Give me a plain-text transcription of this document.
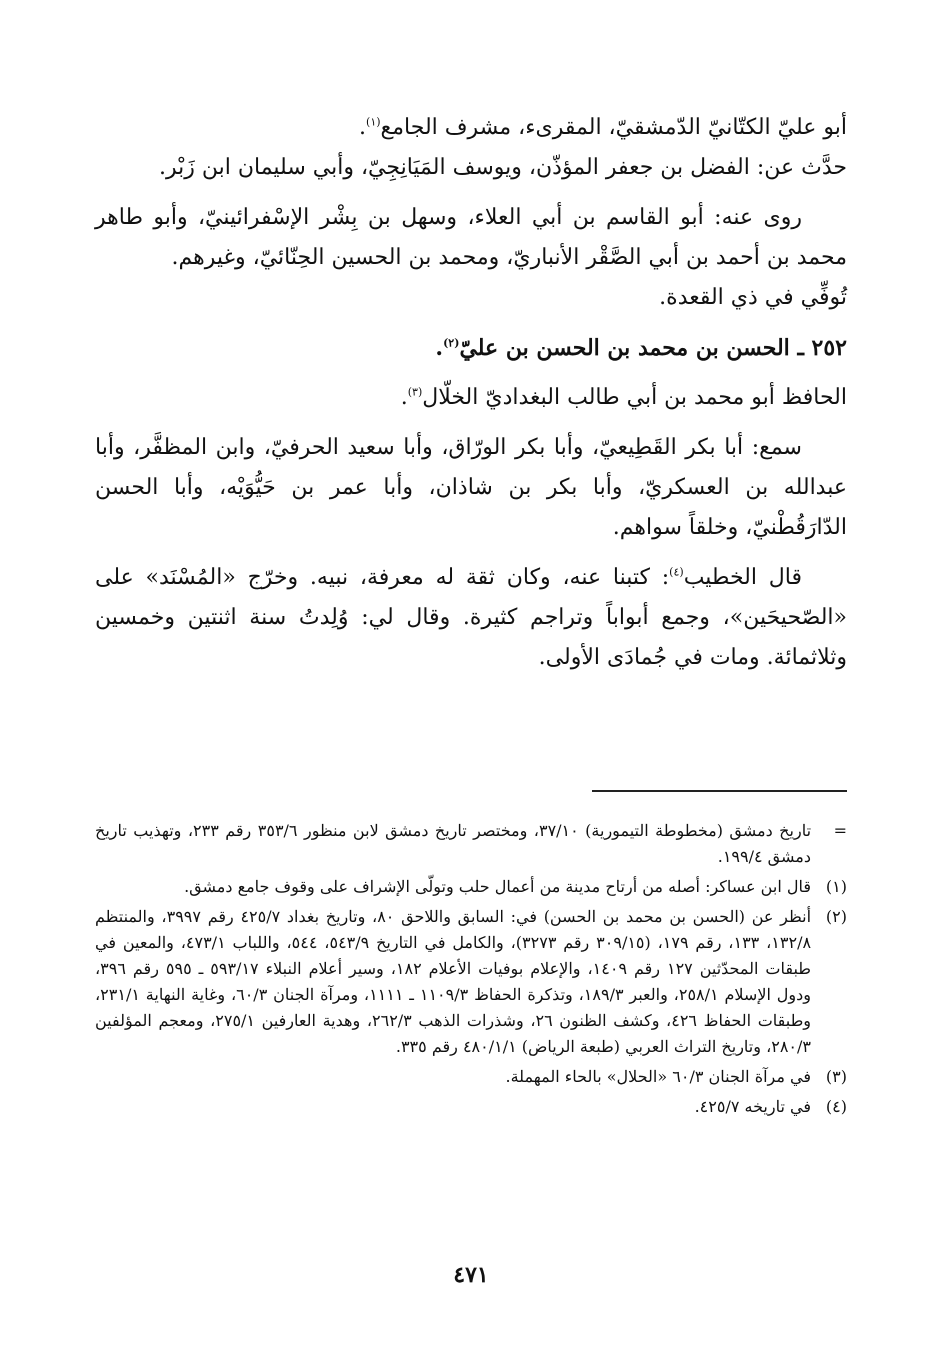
أبو عليّ الكتّانيّ الدّمشقيّ، المقرىء، مشرف الجامع$^{(١)}$.

حدَّث عن: الفضل بن جعفر المؤذّن، ويوسف المَيَانِجِيّ، وأبي سليمان ابن زَبْر.

روى عنه: أبو القاسم بن أبي العلاء، وسهل بن بِشْر الإسْفرائينيّ، وأبو طاهر محمد بن أحمد بن أبي الصَّقْر الأنباريّ، ومحمد بن الحسين الحِنّائيّ، وغيرهم.

تُوفِّي في ذي القعدة.

٢٥٢ ـ الحسن بن محمد بن الحسن بن عليّ$^{(٢)}$.

الحافظ أبو محمد بن أبي طالب البغداديّ الخلّال$^{(٣)}$.

سمع: أبا بكر القَطِيعيّ، وأبا بكر الورّاق، وأبا سعيد الحرفيّ، وابن المظفَّر، وأبا عبدالله بن العسكريّ، وأبا بكر بن شاذان، وأبا عمر بن حَيُّوَيْه، وأبا الحسن الدّارَقُطْنيّ، وخلقاً سواهم.

قال الخطيب$^{(٤)}$: كتبنا عنه، وكان ثقة له معرفة، نبيه. وخرّج «المُسْنَد» على «الصّحيحَين»، وجمع أبواباً وتراجم كثيرة. وقال لي: وُلِدتُ سنة اثنتين وخمسين وثلاثمائة. ومات في جُمادَى الأولى.

=
تاريخ دمشق (مخطوطة التيمورية) ٣٧/١٠، ومختصر تاريخ دمشق لابن منظور ٣٥٣/٦ رقم ٢٣٣، وتهذيب تاريخ دمشق ١٩٩/٤.
(١)
قال ابن عساكر: أصله من أرتاح مدينة من أعمال حلب وتولّى الإشراف على وقوف جامع دمشق.
(٢)
أنظر عن (الحسن بن محمد بن الحسن) في: السابق واللاحق ٨٠، وتاريخ بغداد ٤٢٥/٧ رقم ٣٩٩٧، والمنتظم ١٣٢/٨، ١٣٣، رقم ١٧٩، (٣٠٩/١٥ رقم ٣٢٧٣)، والكامل في التاريخ ٥٤٣/٩، ٥٤٤، واللباب ٤٧٣/١، والمعين في طبقات المحدّثين ١٢٧ رقم ١٤٠٩، والإعلام بوفيات الأعلام ١٨٢، وسير أعلام النبلاء ٥٩٣/١٧ ـ ٥٩٥ رقم ٣٩٦، ودول الإسلام ٢٥٨/١، والعبر ١٨٩/٣، وتذكرة الحفاظ ١١٠٩/٣ ـ ١١١١، ومرآة الجنان ٦٠/٣، وغاية النهاية ٢٣١/١، وطبقات الحفاظ ٤٢٦، وكشف الظنون ٢٦، وشذرات الذهب ٢٦٢/٣، وهدية العارفين ٢٧٥/١، ومعجم المؤلفين ٢٨٠/٣، وتاريخ التراث العربي (طبعة الرياض) ٤٨٠/١/١ رقم ٣٣٥.
(٣)
في مرآة الجنان ٦٠/٣ «الحلال» بالحاء المهملة.
(٤)
في تاريخه ٤٢٥/٧.
٤٧١
